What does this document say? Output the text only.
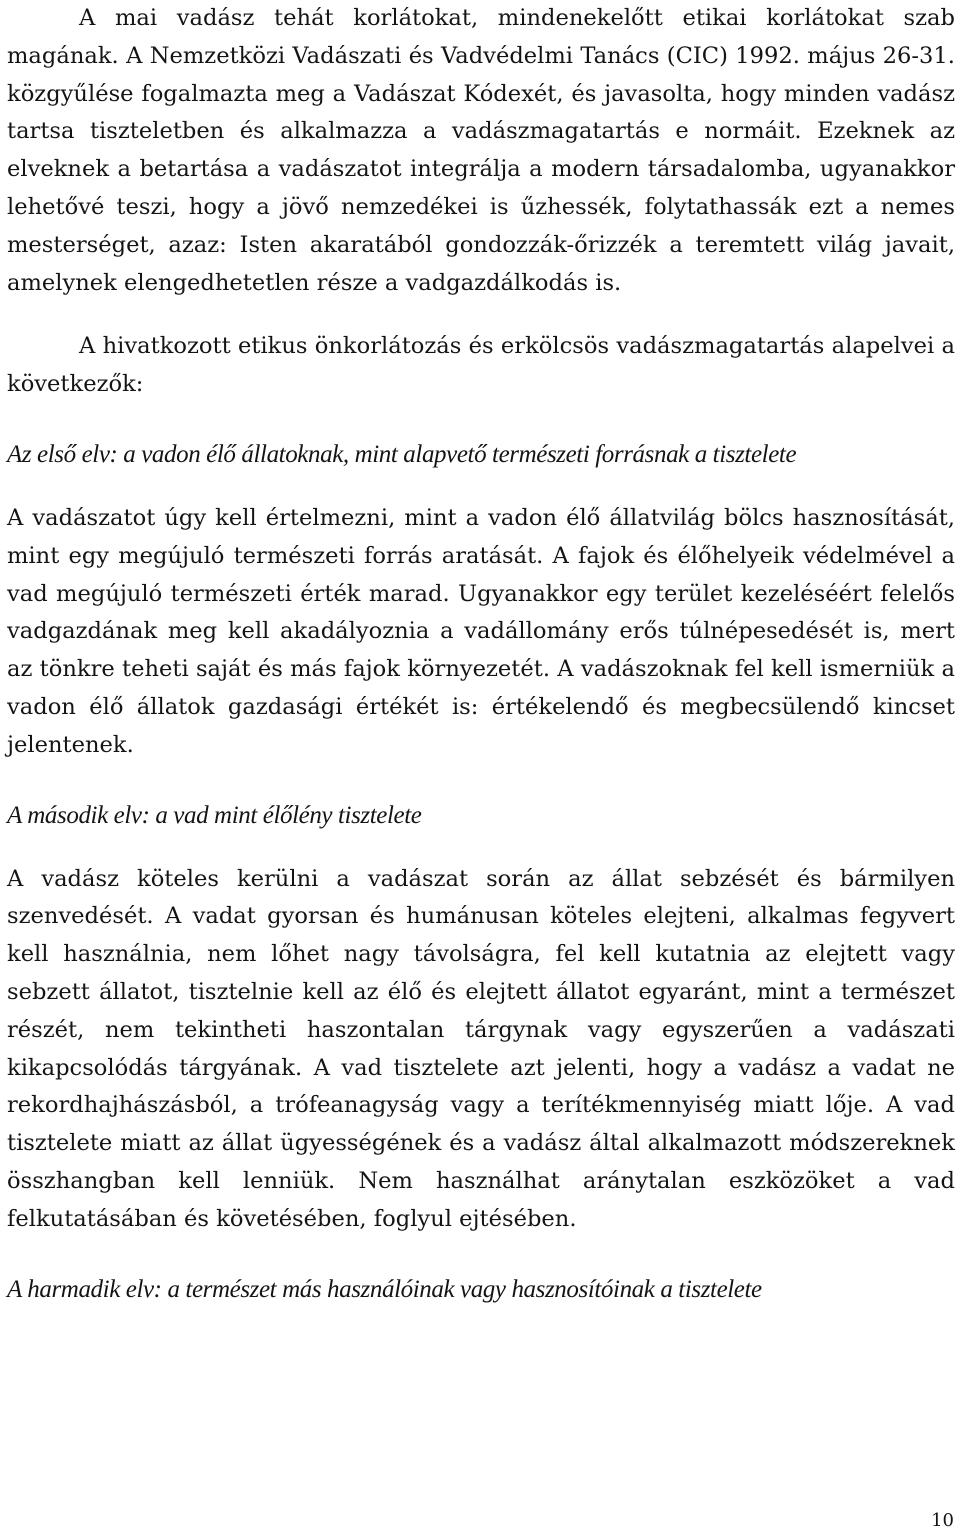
A mai vadász tehát korlátokat, mindenekelőtt etikai korlátokat szab magának. A Nemzetközi Vadászati és Vadvédelmi Tanács (CIC) 1992. május 26-31. közgyűlése fogalmazta meg a Vadászat Kódexét, és javasolta, hogy minden vadász tartsa tiszteletben és alkalmazza a vadászmagatartás e normáit. Ezeknek az elveknek a betartása a vadászatot integrálja a modern társadalomba, ugyanakkor lehetővé teszi, hogy a jövő nemzedékei is űzhessék, folytathassák ezt a nemes mesterséget, azaz: Isten akaratából gondozzák-őrizzék a teremtett világ javait, amelynek elengedhetetlen része a vadgazdálkodás is.

A hivatkozott etikus önkorlátozás és erkölcsös vadászmagatartás alapelvei a következők:

Az első elv: a vadon élő állatoknak, mint alapvető természeti forrásnak a tisztelete

A vadászatot úgy kell értelmezni, mint a vadon élő állatvilág bölcs hasznosítását, mint egy megújuló természeti forrás aratását. A fajok és élőhelyeik védelmével a vad megújuló természeti érték marad. Ugyanakkor egy terület kezeléséért felelős vadgazdának meg kell akadályoznia a vadállomány erős túlnépesedését is, mert az tönkre teheti saját és más fajok környezetét. A vadászoknak fel kell ismerniük a vadon élő állatok gazdasági értékét is: értékelendő és megbecsülendő kincset jelentenek.

A második elv: a vad mint élőlény tisztelete

A vadász köteles kerülni a vadászat során az állat sebzését és bármilyen szenvedését. A vadat gyorsan és humánusan köteles elejteni, alkalmas fegyvert kell használnia, nem lőhet nagy távolságra, fel kell kutatnia az elejtett vagy sebzett állatot, tisztelnie kell az élő és elejtett állatot egyaránt, mint a természet részét, nem tekintheti haszontalan tárgynak vagy egyszerűen a vadászati kikapcsolódás tárgyának. A vad tisztelete azt jelenti, hogy a vadász a vadat ne rekordhajhászásból, a trófeanagyság vagy a terítékmennyiség miatt lője. A vad tisztelete miatt az állat ügyességének és a vadász által alkalmazott módszereknek összhangban kell lenniük. Nem használhat aránytalan eszközöket a vad felkutatásában és követésében, foglyul ejtésében.

A harmadik elv: a természet más használóinak vagy hasznosítóinak a tisztelete

10
